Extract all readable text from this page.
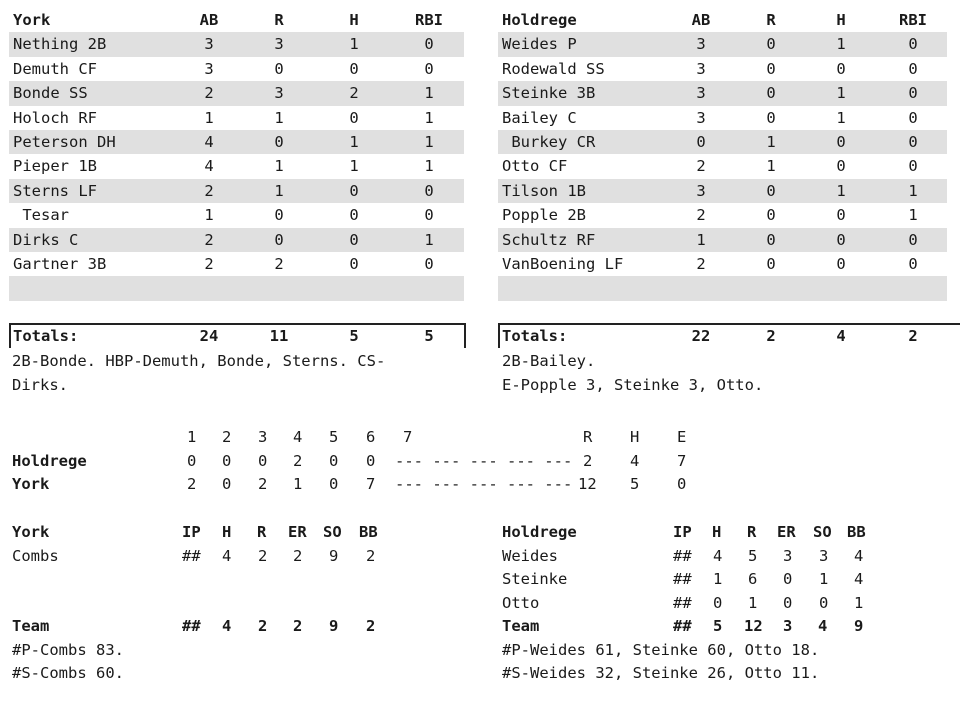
York	AB	R	H	RBI
Nething 2B	3	3	1	0
Demuth CF	3	0	0	0
Bonde SS	2	3	2	1
Holoch RF	1	1	0	1
Peterson DH	4	0	1	1
Pieper 1B	4	1	1	1
Sterns LF	2	1	0	0
Tesar	1	0	0	0
Dirks C	2	0	0	1
Gartner 3B	2	2	0	0
Totals:	24	11	5	5
2B-Bonde. HBP-Demuth, Bonde, Sterns. CS-
Dirks.
Holdrege	AB	R	H	RBI
Weides P	3	0	1	0
Rodewald SS	3	0	0	0
Steinke 3B	3	0	1	0
Bailey C	3	0	1	0
Burkey CR	0	1	0	0
Otto CF	2	1	0	0
Tilson 1B	3	0	1	1
Popple 2B	2	0	0	1
Schultz RF	1	0	0	0
VanBoening LF	2	0	0	0
Totals:	22	2	4	2
2B-Bailey.
E-Popple 3, Steinke 3, Otto.
1 2 3 4 5 6 7	R H E
Holdrege	0 0 0 2 0 0 --- --- --- --- --- 2 4 7
York	2 0 2 1 0 7 --- --- --- --- --- 12 5 0
York	IP H R ER SO BB
Combs	## 4 2 2 9 2
Team	## 4 2 2 9 2
#P-Combs 83.
#S-Combs 60.
Holdrege	IP H R ER SO BB
Weides	## 4 5 3 3 4
Steinke	## 1 6 0 1 4
Otto	## 0 1 0 0 1
Team	## 5 12 3 4 9
#P-Weides 61, Steinke 60, Otto 18.
#S-Weides 32, Steinke 26, Otto 11.
